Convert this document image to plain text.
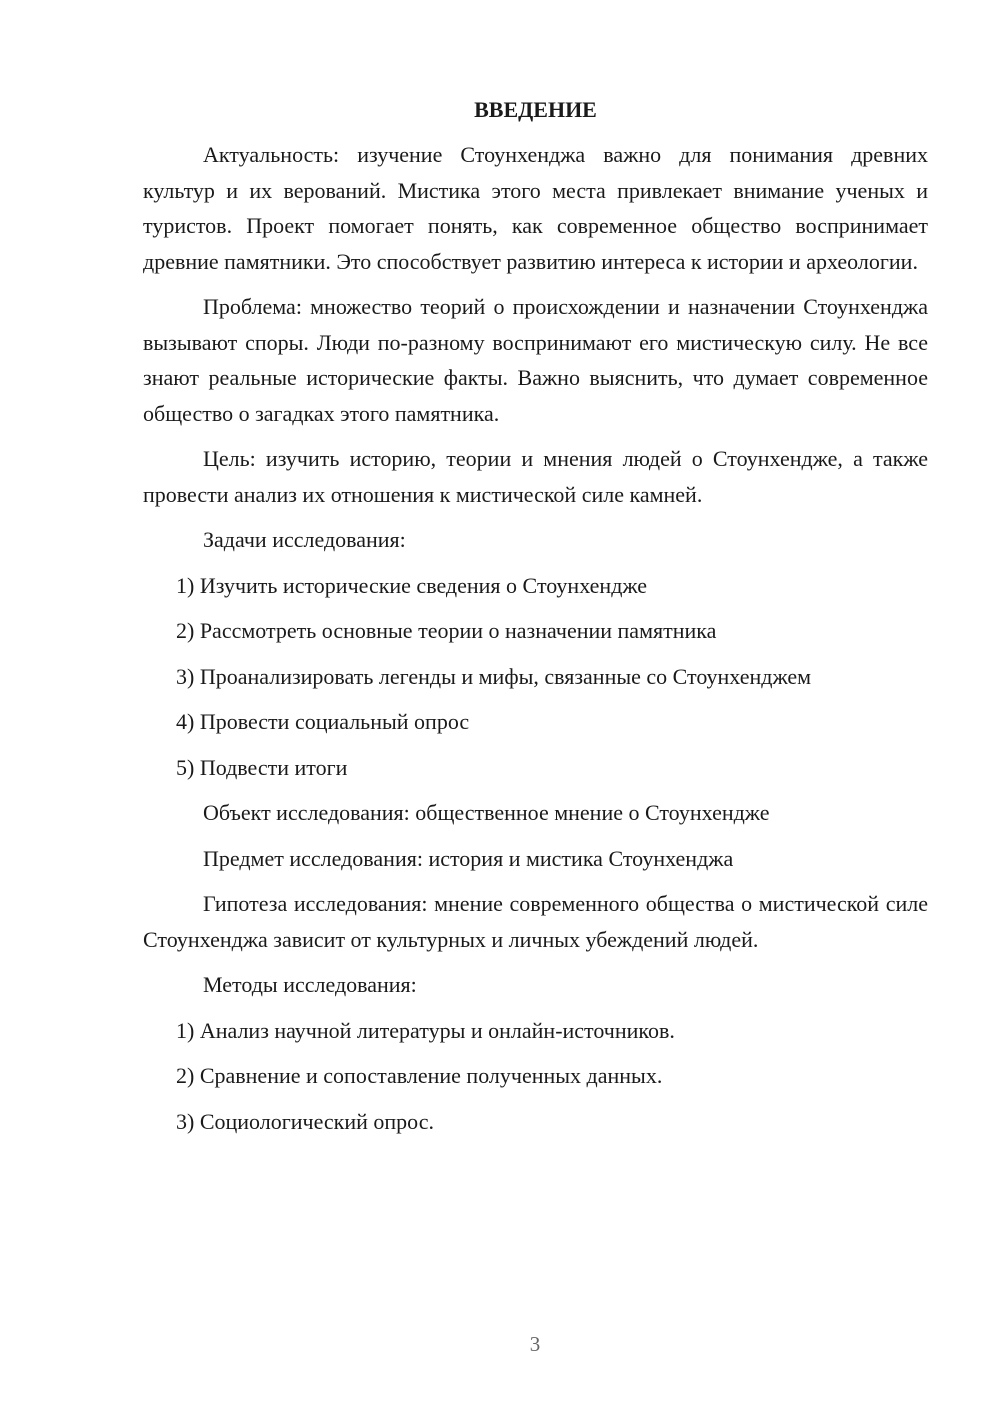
ВВЕДЕНИЕ
Актуальность: изучение Стоунхенджа важно для понимания древних культур и их верований. Мистика этого места привлекает внимание ученых и туристов. Проект помогает понять, как современное общество воспринимает древние памятники. Это способствует развитию интереса к истории и археологии.
Проблема: множество теорий о происхождении и назначении Стоунхенджа вызывают споры. Люди по-разному воспринимают его мистическую силу. Не все знают реальные исторические факты. Важно выяснить, что думает современное общество о загадках этого памятника.
Цель: изучить историю, теории и мнения людей о Стоунхендже, а также провести анализ их отношения к мистической силе камней.
Задачи исследования:
1) Изучить исторические сведения о Стоунхендже
2) Рассмотреть основные теории о назначении памятника
3) Проанализировать легенды и мифы, связанные со Стоунхенджем
4) Провести социальный опрос
5) Подвести итоги
Объект исследования: общественное мнение о Стоунхендже
Предмет исследования: история и мистика Стоунхенджа
Гипотеза исследования: мнение современного общества о мистической силе Стоунхенджа зависит от культурных и личных убеждений людей.
Методы исследования:
1) Анализ научной литературы и онлайн-источников.
2) Сравнение и сопоставление полученных данных.
3) Социологический опрос.
3
